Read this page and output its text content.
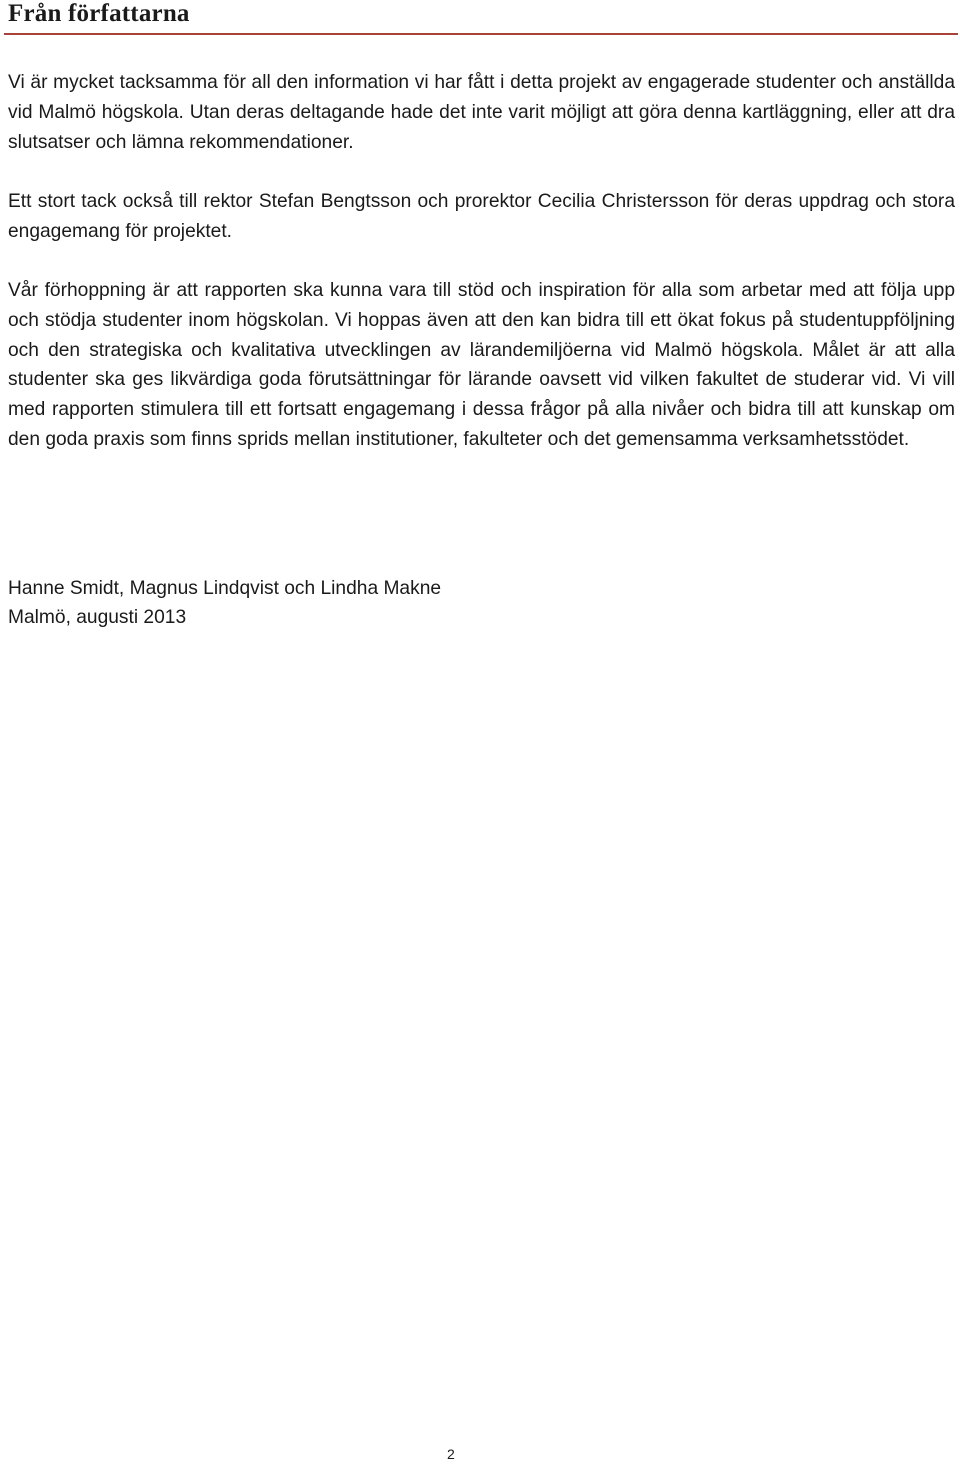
Från författarna

Vi är mycket tacksamma för all den information vi har fått i detta projekt av engagerade studenter och anställda vid Malmö högskola. Utan deras deltagande hade det inte varit möjligt att göra denna kartläggning, eller att dra slutsatser och lämna rekommendationer.

Ett stort tack också till rektor Stefan Bengtsson och prorektor Cecilia Christersson för deras uppdrag och stora engagemang för projektet.

Vår förhoppning är att rapporten ska kunna vara till stöd och inspiration för alla som arbetar med att följa upp och stödja studenter inom högskolan. Vi hoppas även att den kan bidra till ett ökat fokus på studentuppföljning och den strategiska och kvalitativa utvecklingen av lärandemiljöerna vid Malmö högskola. Målet är att alla studenter ska ges likvärdiga goda förutsättningar för lärande oavsett vid vilken fakultet de studerar vid. Vi vill med rapporten stimulera till ett fortsatt engagemang i dessa frågor på alla nivåer och bidra till att kunskap om den goda praxis som finns sprids mellan institutioner, fakulteter och det gemensamma verksamhetsstödet.

Hanne Smidt, Magnus Lindqvist och Lindha Makne

Malmö, augusti 2013

2
